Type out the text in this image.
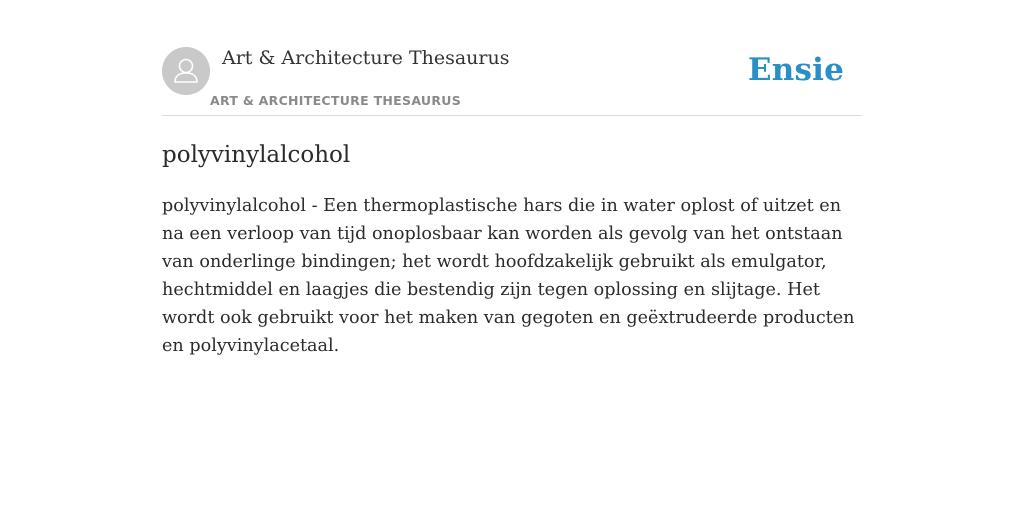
Art & Architecture Thesaurus
ART & ARCHITECTURE THESAURUS
Ensie
polyvinylalcohol

polyvinylalcohol - Een thermoplastische hars die in water oplost of uitzet en na een verloop van tijd onoplosbaar kan worden als gevolg van het ontstaan van onderlinge bindingen; het wordt hoofdzakelijk gebruikt als emulgator, hechtmiddel en laagjes die bestendig zijn tegen oplossing en slijtage. Het wordt ook gebruikt voor het maken van gegoten en geëxtrudeerde producten en polyvinylacetaal.
